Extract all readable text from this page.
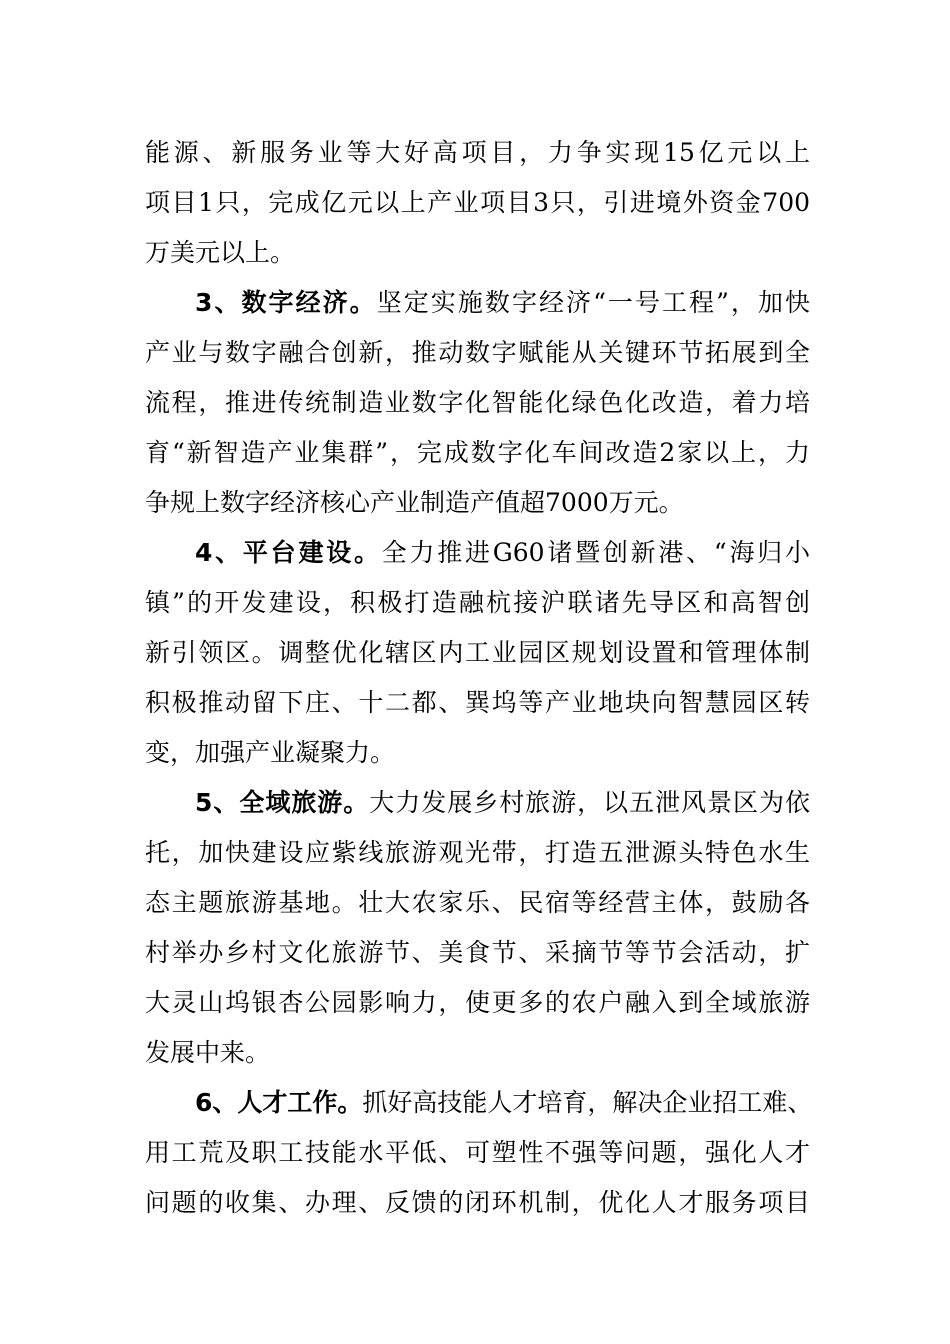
能源、新服务业等大好高项目，力争实现15亿元以上
项目1只，完成亿元以上产业项目3只，引进境外资金700
万美元以上。
3、数字经济。坚定实施数字经济“一号工程”，加快
产业与数字融合创新，推动数字赋能从关键环节拓展到全
流程，推进传统制造业数字化智能化绿色化改造，着力培
育“新智造产业集群”，完成数字化车间改造2家以上，力
争规上数字经济核心产业制造产值超7000万元。
4、平台建设。全力推进G60诸暨创新港、“海归小
镇”的开发建设，积极打造融杭接沪联诸先导区和高智创
新引领区。调整优化辖区内工业园区规划设置和管理体制
积极推动留下庄、十二都、巽坞等产业地块向智慧园区转
变，加强产业凝聚力。
5、全域旅游。大力发展乡村旅游，以五泄风景区为依
托，加快建设应紫线旅游观光带，打造五泄源头特色水生
态主题旅游基地。壮大农家乐、民宿等经营主体，鼓励各
村举办乡村文化旅游节、美食节、采摘节等节会活动，扩
大灵山坞银杏公园影响力，使更多的农户融入到全域旅游
发展中来。
6、人才工作。抓好高技能人才培育，解决企业招工难、
用工荒及职工技能水平低、可塑性不强等问题，强化人才
问题的收集、办理、反馈的闭环机制，优化人才服务项目
